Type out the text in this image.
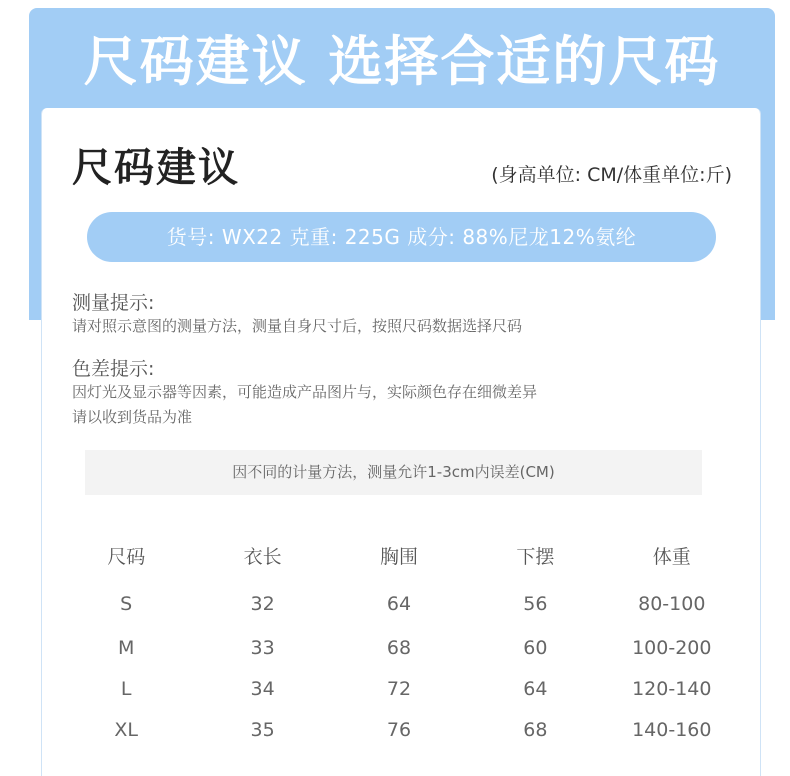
尺码建议 选择合适的尺码
尺码建议	(身高单位: CM/体重单位:斤)
货号: WX22 克重: 225G 成分: 88%尼龙12%氨纶
测量提示:
请对照示意图的测量方法，测量自身尺寸后，按照尺码数据选择尺码
色差提示:
因灯光及显示器等因素，可能造成产品图片与，实际颜色存在细微差异
请以收到货品为准
因不同的计量方法，测量允许1-3cm内误差(CM)
尺码	衣长	胸围	下摆	体重
S	32	64	56	80-100
M	33	68	60	100-200
L	34	72	64	120-140
XL	35	76	68	140-160
